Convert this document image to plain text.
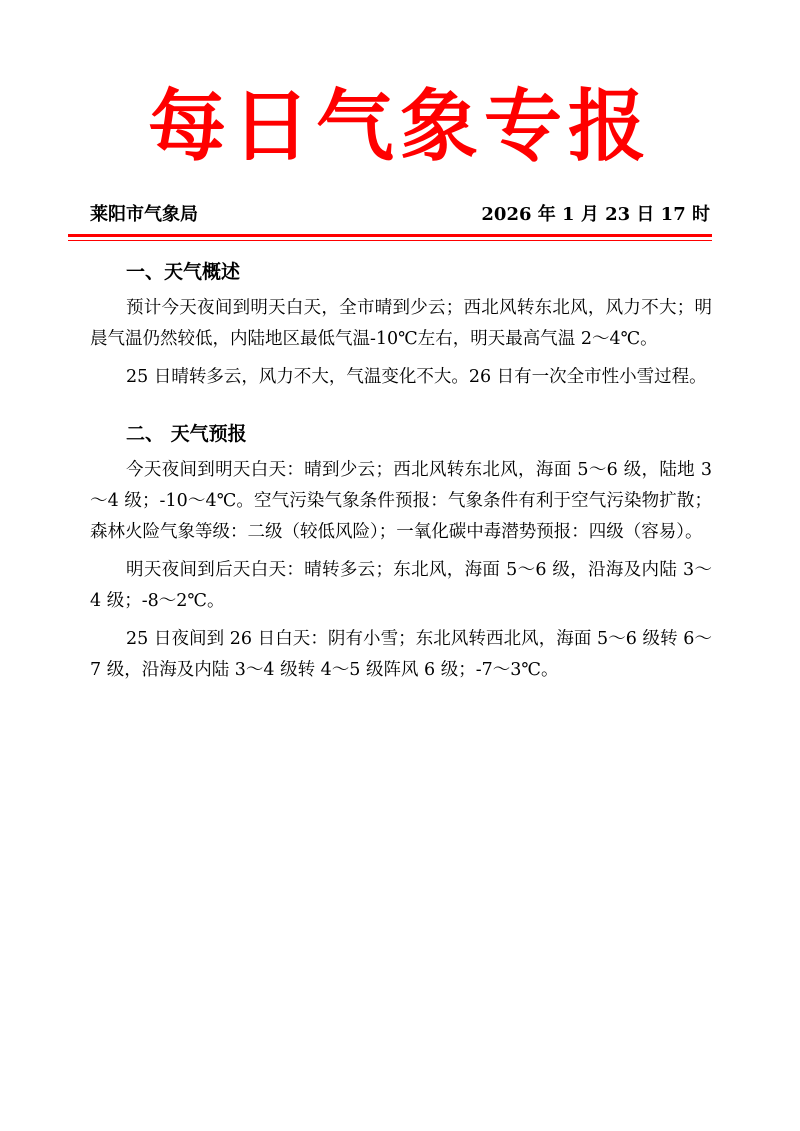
每日气象专报
莱阳市气象局	2026 年 1 月 23 日 17 时
一、天气概述

预计今天夜间到明天白天，全市晴到少云；西北风转东北风，风力不大；明晨气温仍然较低，内陆地区最低气温-10℃左右，明天最高气温 2～4℃。

25 日晴转多云，风力不大，气温变化不大。26 日有一次全市性小雪过程。

二、 天气预报

今天夜间到明天白天：晴到少云；西北风转东北风，海面 5～6 级，陆地 3～4 级；-10～4℃。空气污染气象条件预报：气象条件有利于空气污染物扩散；森林火险气象等级：二级（较低风险）；一氧化碳中毒潜势预报：四级（容易）。

明天夜间到后天白天：晴转多云；东北风，海面 5～6 级，沿海及内陆 3～4 级；-8～2℃。

25 日夜间到 26 日白天：阴有小雪；东北风转西北风，海面 5～6 级转 6～7 级，沿海及内陆 3～4 级转 4～5 级阵风 6 级；-7～3℃。
